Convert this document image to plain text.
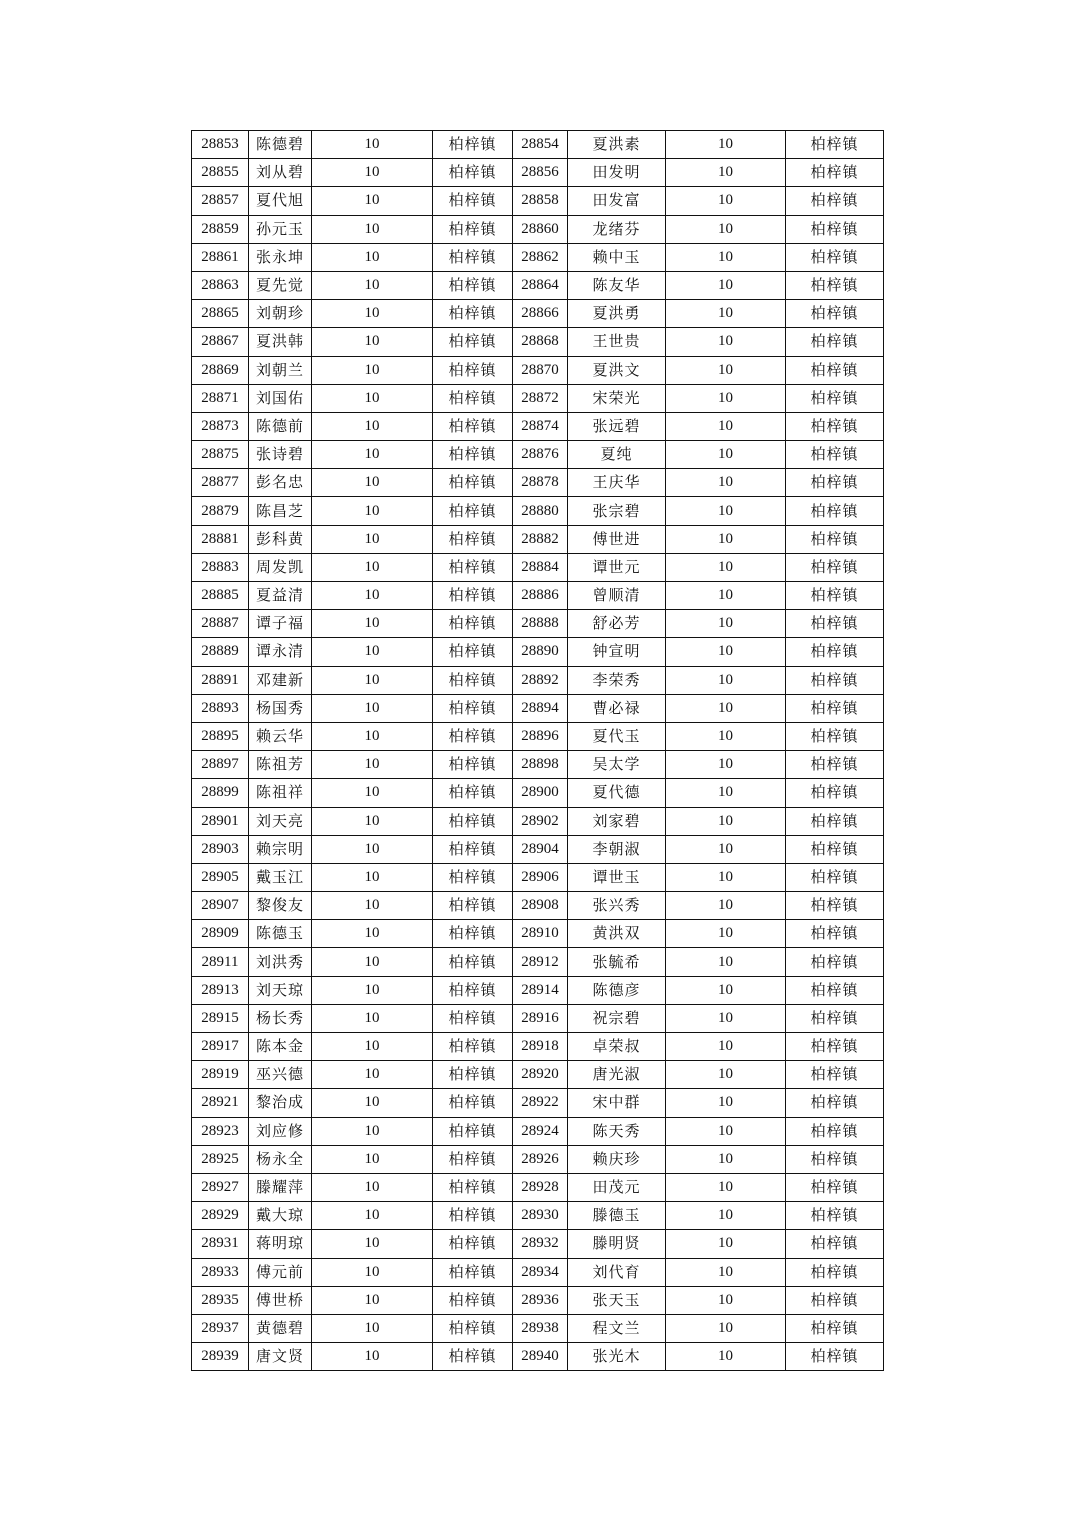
28853	陈德碧	10	柏梓镇	28854	夏洪素	10	柏梓镇
28855	刘从碧	10	柏梓镇	28856	田发明	10	柏梓镇
28857	夏代旭	10	柏梓镇	28858	田发富	10	柏梓镇
28859	孙元玉	10	柏梓镇	28860	龙绪芬	10	柏梓镇
28861	张永坤	10	柏梓镇	28862	赖中玉	10	柏梓镇
28863	夏先觉	10	柏梓镇	28864	陈友华	10	柏梓镇
28865	刘朝珍	10	柏梓镇	28866	夏洪勇	10	柏梓镇
28867	夏洪韩	10	柏梓镇	28868	王世贵	10	柏梓镇
28869	刘朝兰	10	柏梓镇	28870	夏洪文	10	柏梓镇
28871	刘国佑	10	柏梓镇	28872	宋荣光	10	柏梓镇
28873	陈德前	10	柏梓镇	28874	张远碧	10	柏梓镇
28875	张诗碧	10	柏梓镇	28876	夏纯	10	柏梓镇
28877	彭名忠	10	柏梓镇	28878	王庆华	10	柏梓镇
28879	陈昌芝	10	柏梓镇	28880	张宗碧	10	柏梓镇
28881	彭科黄	10	柏梓镇	28882	傅世进	10	柏梓镇
28883	周发凯	10	柏梓镇	28884	谭世元	10	柏梓镇
28885	夏益清	10	柏梓镇	28886	曾顺清	10	柏梓镇
28887	谭子福	10	柏梓镇	28888	舒必芳	10	柏梓镇
28889	谭永清	10	柏梓镇	28890	钟宣明	10	柏梓镇
28891	邓建新	10	柏梓镇	28892	李荣秀	10	柏梓镇
28893	杨国秀	10	柏梓镇	28894	曹必禄	10	柏梓镇
28895	赖云华	10	柏梓镇	28896	夏代玉	10	柏梓镇
28897	陈祖芳	10	柏梓镇	28898	吴太学	10	柏梓镇
28899	陈祖祥	10	柏梓镇	28900	夏代德	10	柏梓镇
28901	刘天亮	10	柏梓镇	28902	刘家碧	10	柏梓镇
28903	赖宗明	10	柏梓镇	28904	李朝淑	10	柏梓镇
28905	戴玉江	10	柏梓镇	28906	谭世玉	10	柏梓镇
28907	黎俊友	10	柏梓镇	28908	张兴秀	10	柏梓镇
28909	陈德玉	10	柏梓镇	28910	黄洪双	10	柏梓镇
28911	刘洪秀	10	柏梓镇	28912	张毓希	10	柏梓镇
28913	刘天琼	10	柏梓镇	28914	陈德彦	10	柏梓镇
28915	杨长秀	10	柏梓镇	28916	祝宗碧	10	柏梓镇
28917	陈本金	10	柏梓镇	28918	卓荣叔	10	柏梓镇
28919	巫兴德	10	柏梓镇	28920	唐光淑	10	柏梓镇
28921	黎治成	10	柏梓镇	28922	宋中群	10	柏梓镇
28923	刘应修	10	柏梓镇	28924	陈天秀	10	柏梓镇
28925	杨永全	10	柏梓镇	28926	赖庆珍	10	柏梓镇
28927	滕耀萍	10	柏梓镇	28928	田茂元	10	柏梓镇
28929	戴大琼	10	柏梓镇	28930	滕德玉	10	柏梓镇
28931	蒋明琼	10	柏梓镇	28932	滕明贤	10	柏梓镇
28933	傅元前	10	柏梓镇	28934	刘代育	10	柏梓镇
28935	傅世桥	10	柏梓镇	28936	张天玉	10	柏梓镇
28937	黄德碧	10	柏梓镇	28938	程文兰	10	柏梓镇
28939	唐文贤	10	柏梓镇	28940	张光木	10	柏梓镇
